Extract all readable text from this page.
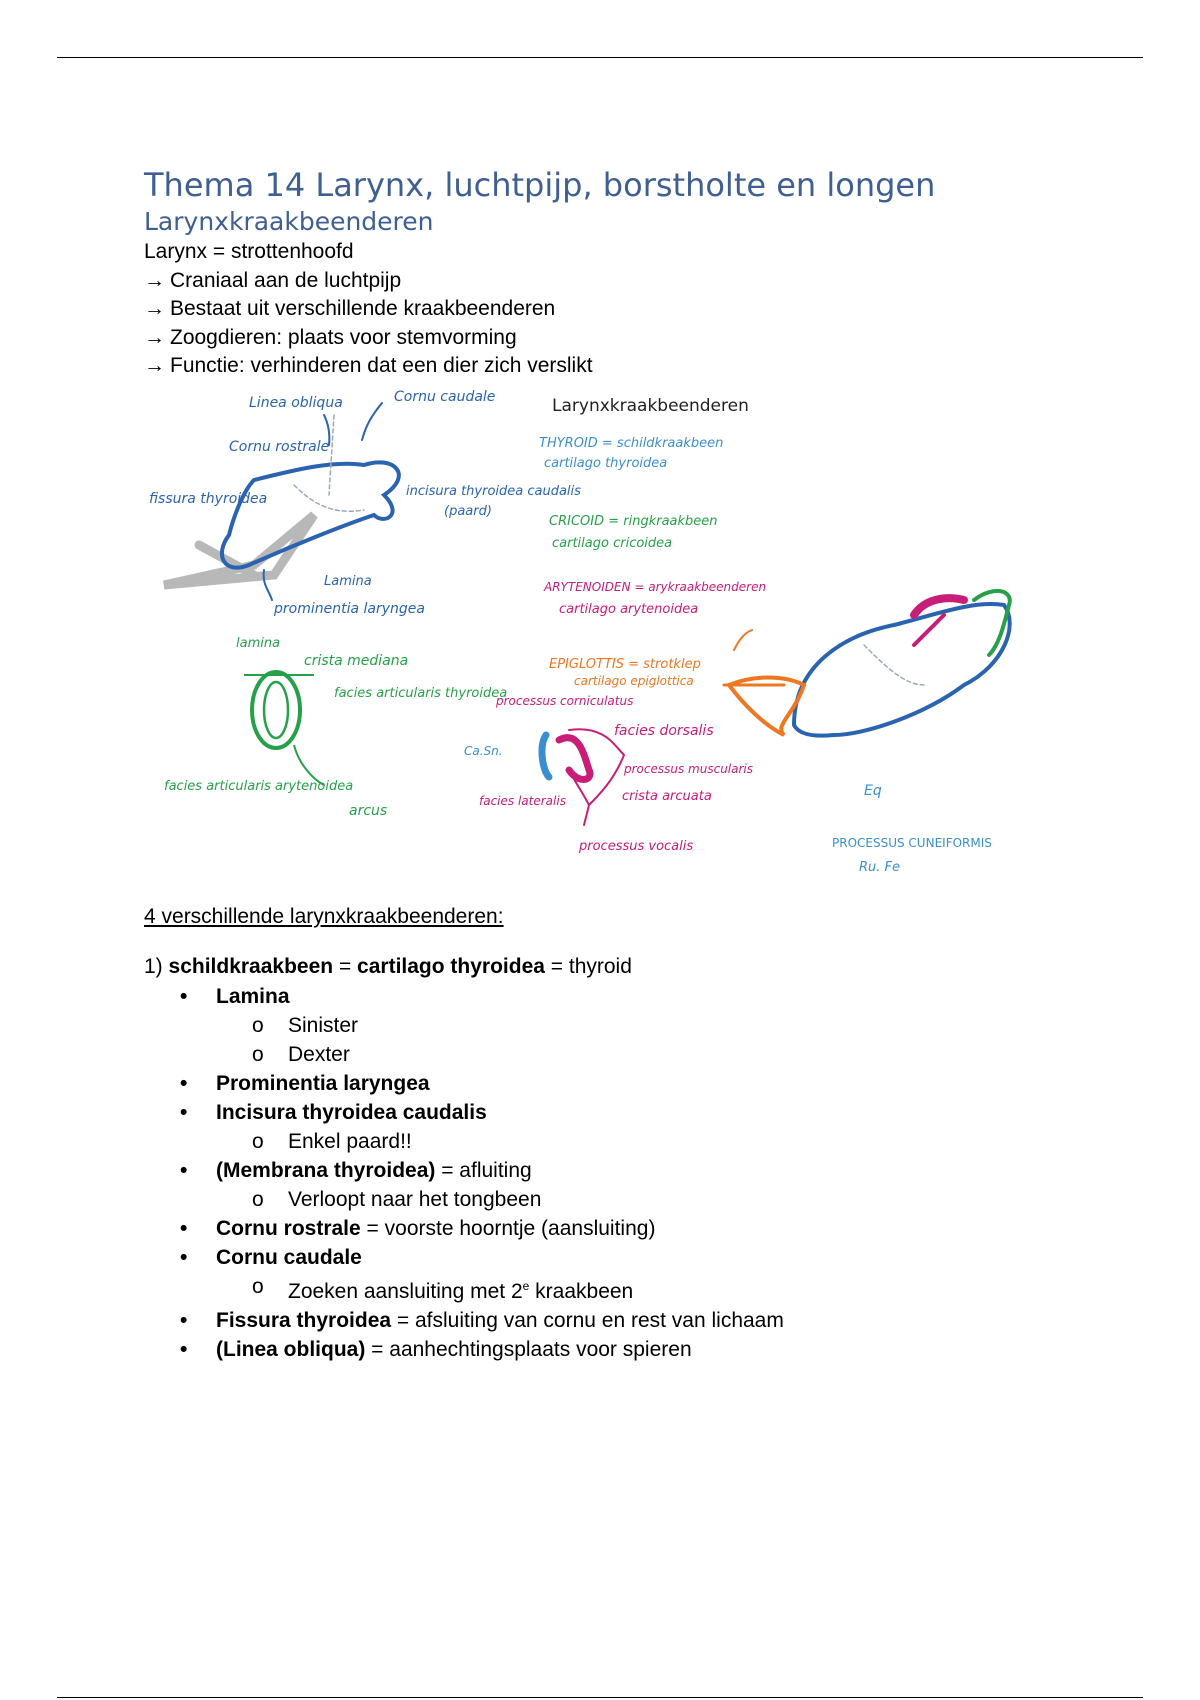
Thema 14 Larynx, luchtpijp, borstholte en longen
Larynxkraakbeenderen
Larynx = strottenhoofd
→ Craniaal aan de luchtpijp
→ Bestaat uit verschillende kraakbeenderen
→ Zoogdieren: plaats voor stemvorming
→ Functie: verhinderen dat een dier zich verslikt
Larynxkraakbeenderen
Linea obliqua	Cornu caudale
Cornu rostrale
fissura thyroidea	incisura thyroidea caudalis
(paard)
Lamina
prominentia laryngea
lamina
crista mediana
facies articularis thyroidea
facies articularis arytenoidea
arcus
THYROID = schildkraakbeen
cartilago thyroidea
CRICOID = ringkraakbeen
cartilago cricoidea
ARYTENOIDEN = arykraakbeenderen
cartilago arytenoidea
EPIGLOTTIS = strotklep
cartilago epiglottica
processus corniculatus
Ca.Sn.
facies dorsalis
processus muscularis
crista arcuata
facies lateralis
processus vocalis
Eq
PROCESSUS CUNEIFORMIS
Ru. Fe
4 verschillende larynxkraakbeenderen:
1) schildkraakbeen = cartilago thyroidea = thyroid
• Lamina
o Sinister
o Dexter
• Prominentia laryngea
• Incisura thyroidea caudalis
o Enkel paard!!
• (Membrana thyroidea) = afluiting
o Verloopt naar het tongbeen
• Cornu rostrale = voorste hoorntje (aansluiting)
• Cornu caudale
o Zoeken aansluiting met 2e kraakbeen
• Fissura thyroidea = afsluiting van cornu en rest van lichaam
• (Linea obliqua) = aanhechtingsplaats voor spieren
